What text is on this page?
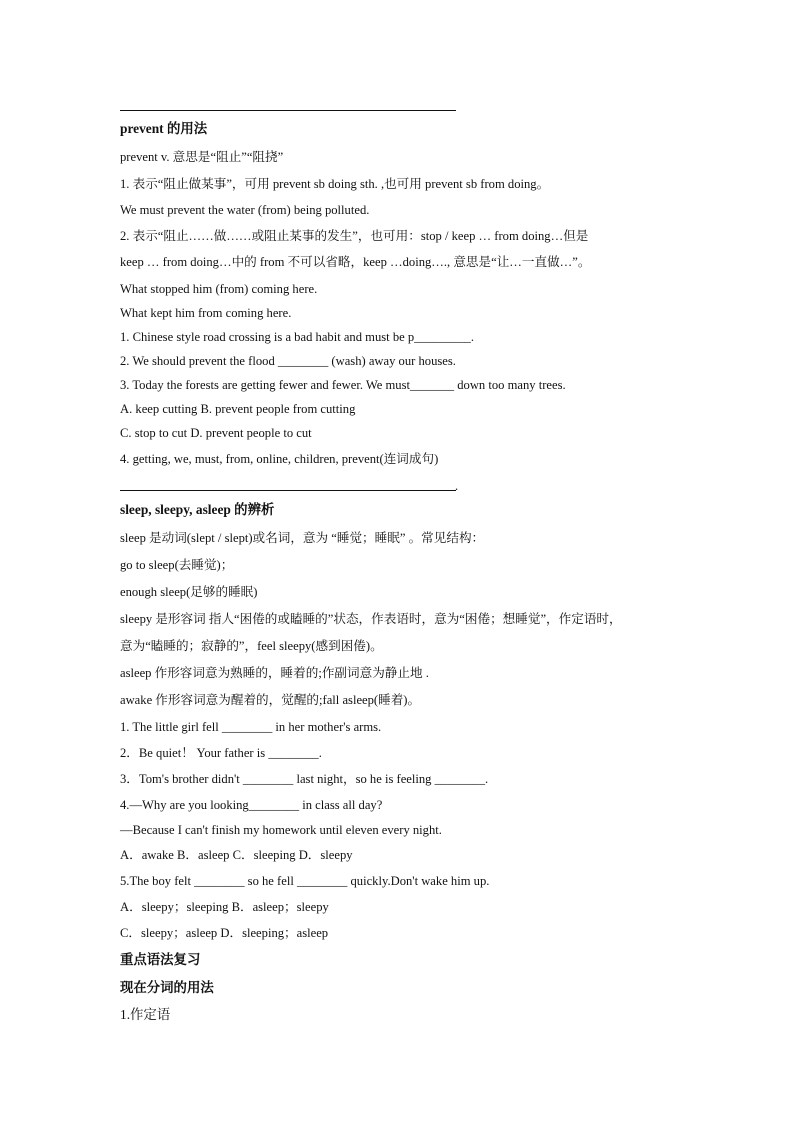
prevent 的用法
prevent v. 意思是“阻止”“阻挠”
1. 表示“阻止做某事”，可用 prevent sb doing sth. ,也可用 prevent sb from doing。
We must prevent the water (from) being polluted.
2. 表示“阻止……做……或阻止某事的发生”，也可用：stop / keep … from doing…但是
keep … from doing…中的 from 不可以省略，keep …doing…., 意思是“让…一直做…”。
What stopped him (from) coming here.
What kept him from coming here.
1. Chinese style road crossing is a bad habit and must be p_________.
2. We should prevent the flood ________ (wash) away our houses.
3. Today the forests are getting fewer and fewer. We must_______ down too many trees.
A. keep cutting B. prevent people from cutting
C. stop to cut D. prevent people to cut
4. getting, we, must, from, online, children, prevent(连词成句)
.
sleep, sleepy, asleep 的辨析
sleep 是动词(slept / slept)或名词，意为 “睡觉；睡眠” 。常见结构：
go to sleep(去睡觉)；
enough sleep(足够的睡眠)
sleepy 是形容词 指人“困倦的或瞌睡的”状态，作表语时，意为“困倦；想睡觉”，作定语时，
意为“瞌睡的；寂静的”，feel sleepy(感到困倦)。
asleep 作形容词意为熟睡的，睡着的;作副词意为静止地 .
awake 作形容词意为醒着的，觉醒的;fall asleep(睡着)。
1. The little girl fell ________ in her mother's arms.
2．Be quiet！ Your father is ________.
3．Tom's brother didn't ________ last night，so he is feeling ________.
4.—Why are you looking________ in class all day?
—Because I can't finish my homework until eleven every night.
A．awake B．asleep C．sleeping D．sleepy
5.The boy felt ________ so he fell ________ quickly.Don't wake him up.
A．sleepy；sleeping B．asleep；sleepy
C．sleepy；asleep D．sleeping；asleep
重点语法复习
现在分词的用法
1.作定语
